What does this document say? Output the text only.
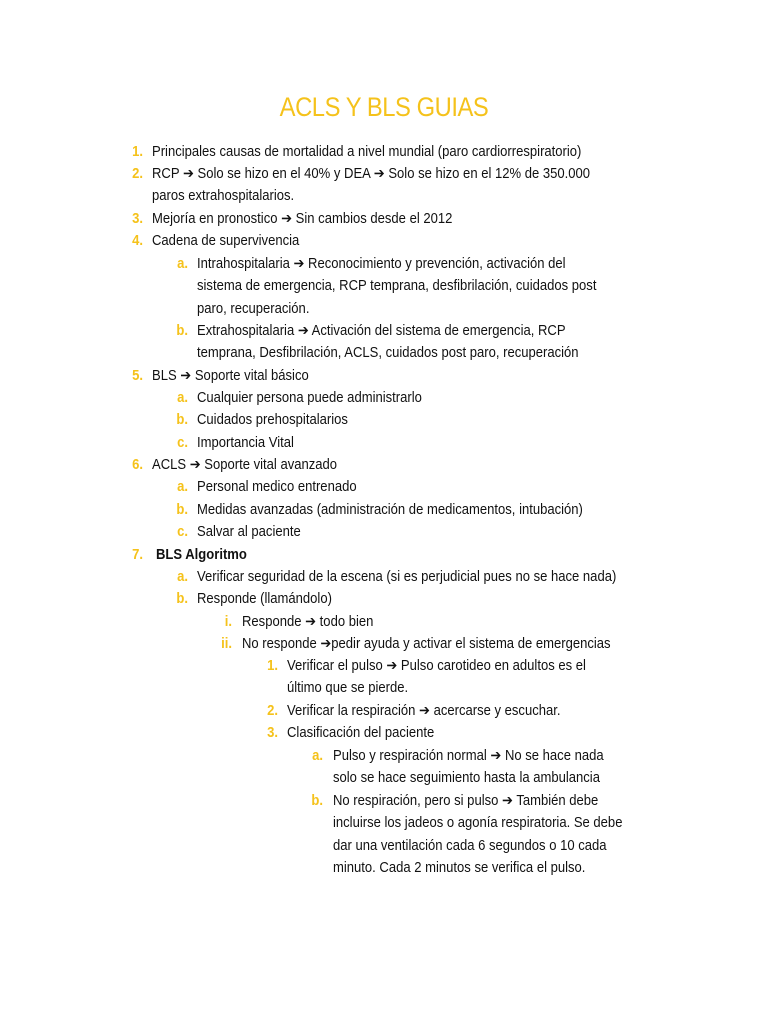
ACLS Y BLS GUIAS
1. Principales causas de mortalidad a nivel mundial (paro cardiorrespiratorio)
2. RCP ➔ Solo se hizo en el 40% y DEA ➔ Solo se hizo en el 12% de 350.000
paros extrahospitalarios.
3. Mejoría en pronostico ➔ Sin cambios desde el 2012
4. Cadena de supervivencia
a. Intrahospitalaria ➔ Reconocimiento y prevención, activación del
sistema de emergencia, RCP temprana, desfibrilación, cuidados post
paro, recuperación.
b. Extrahospitalaria ➔ Activación del sistema de emergencia, RCP
temprana, Desfibrilación, ACLS, cuidados post paro, recuperación
5. BLS ➔ Soporte vital básico
a. Cualquier persona puede administrarlo
b. Cuidados prehospitalarios
c. Importancia Vital
6. ACLS ➔ Soporte vital avanzado
a. Personal medico entrenado
b. Medidas avanzadas (administración de medicamentos, intubación)
c. Salvar al paciente
7. BLS Algoritmo
a. Verificar seguridad de la escena (si es perjudicial pues no se hace nada)
b. Responde (llamándolo)
i. Responde ➔ todo bien
ii. No responde ➔pedir ayuda y activar el sistema de emergencias
1. Verificar el pulso ➔ Pulso carotideo en adultos es el
último que se pierde.
2. Verificar la respiración ➔ acercarse y escuchar.
3. Clasificación del paciente
a. Pulso y respiración normal ➔ No se hace nada
solo se hace seguimiento hasta la ambulancia
b. No respiración, pero si pulso ➔ También debe
incluirse los jadeos o agonía respiratoria. Se debe
dar una ventilación cada 6 segundos o 10 cada
minuto. Cada 2 minutos se verifica el pulso.
